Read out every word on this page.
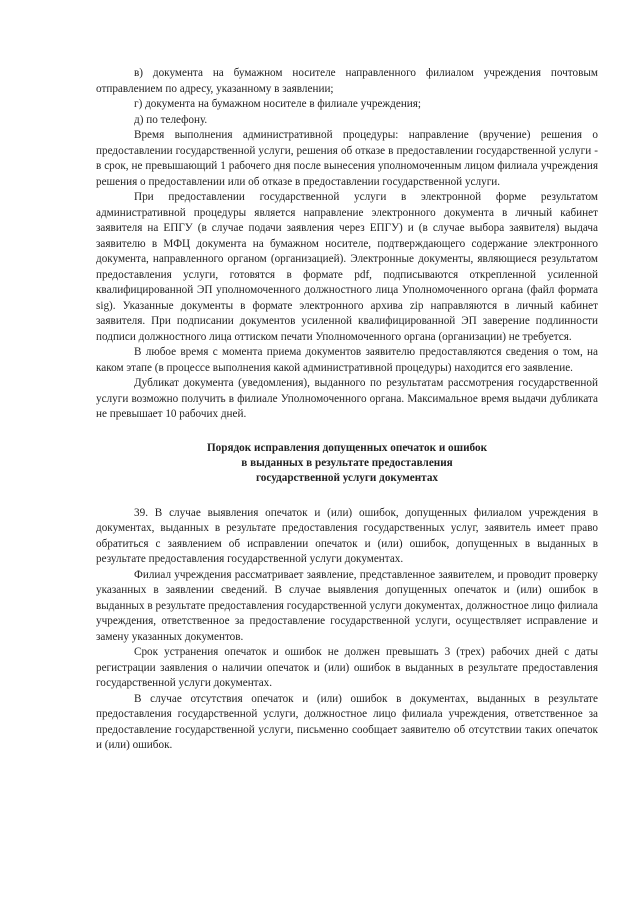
в) документа на бумажном носителе направленного филиалом учреждения почтовым отправлением по адресу, указанному в заявлении;

г) документа на бумажном носителе в филиале учреждения;

д) по телефону.

Время выполнения административной процедуры: направление (вручение) решения о предоставлении государственной услуги, решения об отказе в предоставлении государственной услуги - в срок, не превышающий 1 рабочего дня после вынесения уполномоченным лицом филиала учреждения решения о предоставлении или об отказе в предоставлении государственной услуги.

При предоставлении государственной услуги в электронной форме результатом административной процедуры является направление электронного документа в личный кабинет заявителя на ЕПГУ (в случае подачи заявления через ЕПГУ) и (в случае выбора заявителя) выдача заявителю в МФЦ документа на бумажном носителе, подтверждающего содержание электронного документа, направленного органом (организацией). Электронные документы, являющиеся результатом предоставления услуги, готовятся в формате pdf, подписываются открепленной усиленной квалифицированной ЭП уполномоченного должностного лица Уполномоченного органа (файл формата sig). Указанные документы в формате электронного архива zip направляются в личный кабинет заявителя. При подписании документов усиленной квалифицированной ЭП заверение подлинности подписи должностного лица оттиском печати Уполномоченного органа (организации) не требуется.

В любое время с момента приема документов заявителю предоставляются сведения о том, на каком этапе (в процессе выполнения какой административной процедуры) находится его заявление.

Дубликат документа (уведомления), выданного по результатам рассмотрения государственной услуги возможно получить в филиале Уполномоченного органа. Максимальное время выдачи дубликата не превышает 10 рабочих дней.

Порядок исправления допущенных опечаток и ошибок
в выданных в результате предоставления
государственной услуги документах

39. В случае выявления опечаток и (или) ошибок, допущенных филиалом учреждения в документах, выданных в результате предоставления государственных услуг, заявитель имеет право обратиться с заявлением об исправлении опечаток и (или) ошибок, допущенных в выданных в результате предоставления государственной услуги документах.

Филиал учреждения рассматривает заявление, представленное заявителем, и проводит проверку указанных в заявлении сведений. В случае выявления допущенных опечаток и (или) ошибок в выданных в результате предоставления государственной услуги документах, должностное лицо филиала учреждения, ответственное за предоставление государственной услуги, осуществляет исправление и замену указанных документов.

Срок устранения опечаток и ошибок не должен превышать 3 (трех) рабочих дней с даты регистрации заявления о наличии опечаток и (или) ошибок в выданных в результате предоставления государственной услуги документах.

В случае отсутствия опечаток и (или) ошибок в документах, выданных в результате предоставления государственной услуги, должностное лицо филиала учреждения, ответственное за предоставление государственной услуги, письменно сообщает заявителю об отсутствии таких опечаток и (или) ошибок.
